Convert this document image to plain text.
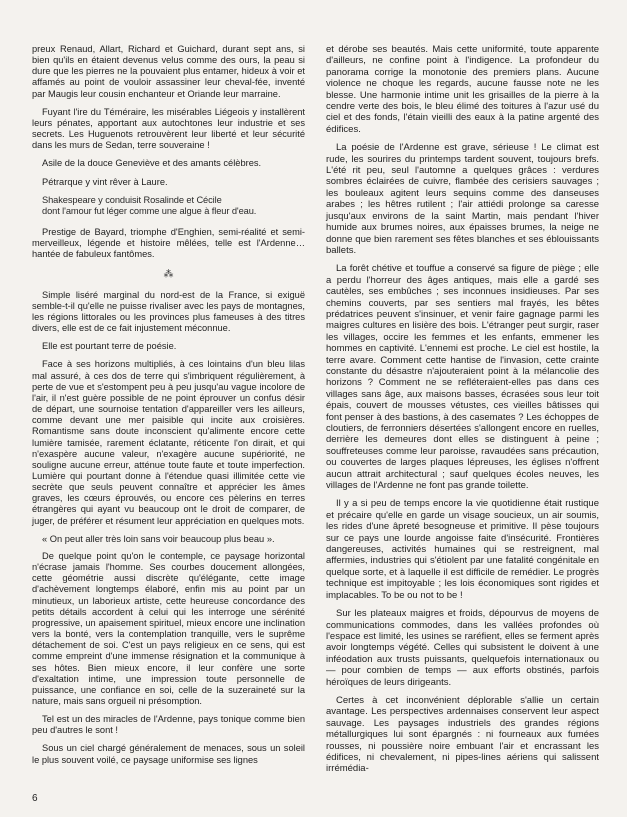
preux Renaud, Allart, Richard et Guichard, durant sept ans, si bien qu'ils en étaient devenus velus comme des ours, la peau si dure que les pierres ne la pouvaient plus entamer, hideux à voir et affamés au point de vouloir assassiner leur cheval-fée, inventé par Maugis leur cousin enchanteur et Oriande leur marraine.

Fuyant l'ire du Téméraire, les misérables Liégeois y installèrent leurs pénates, apportant aux autochtones leur industrie et ses secrets. Les Huguenots retrouvèrent leur liberté et leur sécurité dans les murs de Sedan, terre souveraine !

Asile de la douce Geneviève et des amants célèbres.

Pétrarque y vint rêver à Laure.

Shakespeare y conduisit Rosalinde et Cécile

dont l'amour fut léger comme une algue à fleur d'eau.

Prestige de Bayard, triomphe d'Enghien, semi-réalité et semi-merveilleux, légende et histoire mêlées, telle est l'Ardenne… hantée de fabuleux fantômes.

⁂

Simple liséré marginal du nord-est de la France, si exiguë semble-t-il qu'elle ne puisse rivaliser avec les pays de montagnes, les régions littorales ou les provinces plus fameuses à des titres divers, elle est de ce fait injustement méconnue.

Elle est pourtant terre de poésie.

Face à ses horizons multipliés, à ces lointains d'un bleu lilas mal assuré, à ces dos de terre qui s'imbriquent régulièrement, à perte de vue et s'estompent peu à peu jusqu'au vague incolore de l'air, il n'est guère possible de ne point éprouver un confus désir de départ, une sournoise tentation d'appareiller vers les ailleurs, comme devant une mer paisible qui incite aux croisières. Romantisme sans doute inconscient qu'alimente encore cette lumière tamisée, rarement éclatante, réticente l'on dirait, et qui n'exaspère aucune valeur, n'exagère aucune supériorité, ne souligne aucune erreur, atténue toute faute et toute imperfection. Lumière qui pourtant donne à l'étendue quasi illimitée cette vie secrète que seuls peuvent connaître et apprécier les âmes graves, les cœurs éprouvés, ou encore ces pèlerins en terres étrangères qui ayant vu beaucoup ont le droit de comparer, de juger, de préférer et résument leur appréciation en quelques mots.

« On peut aller très loin sans voir beaucoup plus beau ».

De quelque point qu'on le contemple, ce paysage horizontal n'écrase jamais l'homme. Ses courbes doucement allongées, cette géométrie aussi discrète qu'élégante, cette image d'achèvement longtemps élaboré, enfin mis au point par un minutieux, un laborieux artiste, cette heureuse concordance des petits détails accordent à celui qui les interroge une sérénité progressive, un apaisement spirituel, mieux encore une inclination vers la bonté, vers la contemplation tranquille, vers le suprême détachement de soi. C'est un pays religieux en ce sens, qui est comme empreint d'une immense résignation et la communique à ses hôtes. Bien mieux encore, il leur confère une sorte d'exaltation intime, une impression toute personnelle de puissance, une confiance en soi, celle de la suzeraineté sur la nature, mais sans orgueil ni présomption.

Tel est un des miracles de l'Ardenne, pays tonique comme bien peu d'autres le sont !

Sous un ciel chargé généralement de menaces, sous un soleil le plus souvent voilé, ce paysage uniformise ses lignes

et dérobe ses beautés. Mais cette uniformité, toute apparente d'ailleurs, ne confine point à l'indigence. La profondeur du panorama corrige la monotonie des premiers plans. Aucune violence ne choque les regards, aucune fausse note ne les blesse. Une harmonie intime unit les grisailles de la pierre à la cendre verte des bois, le bleu élimé des toitures à l'azur usé du ciel et des fonds, l'étain vieilli des eaux à la patine argenté des édifices.

La poésie de l'Ardenne est grave, sérieuse ! Le climat est rude, les sourires du printemps tardent souvent, toujours brefs. L'été rit peu, seul l'automne a quelques grâces : verdures sombres éclairées de cuivre, flambée des cerisiers sauvages ; les bouleaux agitent leurs sequins comme des danseuses arabes ; les hêtres rutilent ; l'air attiédi prolonge sa caresse jusqu'aux environs de la saint Martin, mais pendant l'hiver humide aux brumes noires, aux épaisses brumes, la neige ne donne que bien rarement ses fêtes blanches et ses éblouissants ballets.

La forêt chétive et touffue a conservé sa figure de piège ; elle a perdu l'horreur des âges antiques, mais elle a gardé ses cautèles, ses embûches ; ses inconnues insidieuses. Par ses chemins couverts, par ses sentiers mal frayés, les bêtes prédatrices peuvent s'insinuer, et venir faire gagnage parmi les maigres cultures en lisière des bois. L'étranger peut surgir, raser les villages, occire les femmes et les enfants, emmener les hommes en captivité. L'ennemi est proche. Le ciel est hostile, la terre avare. Comment cette hantise de l'invasion, cette crainte constante du désastre n'ajouteraient point à la mélancolie des horizons ? Comment ne se refléteraient-elles pas dans ces villages sans âge, aux maisons basses, écrasées sous leur toit épais, couvert de mousses vétustes, ces vieilles bâtisses qui font penser à des bastions, à des casemates ? Les échoppes de cloutiers, de ferronniers désertées s'allongent encore en ruelles, derrière les demeures dont elles se distinguent à peine ; souffreteuses comme leur paroisse, ravaudées sans précaution, ou couvertes de larges plaques lépreuses, les églises n'offrent aucun attrait architectural ; sauf quelques écoles neuves, les villages de l'Ardenne ne font pas grande toilette.

Il y a si peu de temps encore la vie quotidienne était rustique et précaire qu'elle en garde un visage soucieux, un air soumis, les rides d'une âpreté besogneuse et primitive. Il pèse toujours sur ce pays une lourde angoisse faite d'insécurité. Frontières dangereuses, activités humaines qui se restreignent, mal affermies, industries qui s'étiolent par une fatalité congénitale en quelque sorte, et à laquelle il est difficile de remédier. Le progrès technique est impitoyable ; les lois économiques sont rigides et implacables. To be ou not to be !

Sur les plateaux maigres et froids, dépourvus de moyens de communications commodes, dans les vallées profondes où l'espace est limité, les usines se raréfient, elles se ferment après avoir longtemps végété. Celles qui subsistent le doivent à une inféodation aux trusts puissants, quelquefois internationaux ou — pour combien de temps — aux efforts obstinés, parfois héroïques de leurs dirigeants.

Certes à cet inconvénient déplorable s'allie un certain avantage. Les perspectives ardennaises conservent leur aspect sauvage. Les paysages industriels des grandes régions métallurgiques lui sont épargnés : ni fourneaux aux fumées rousses, ni poussière noire embuant l'air et encrassant les édifices, ni chevalement, ni pipes-lines aériens qui salissent irrémédia-

6
